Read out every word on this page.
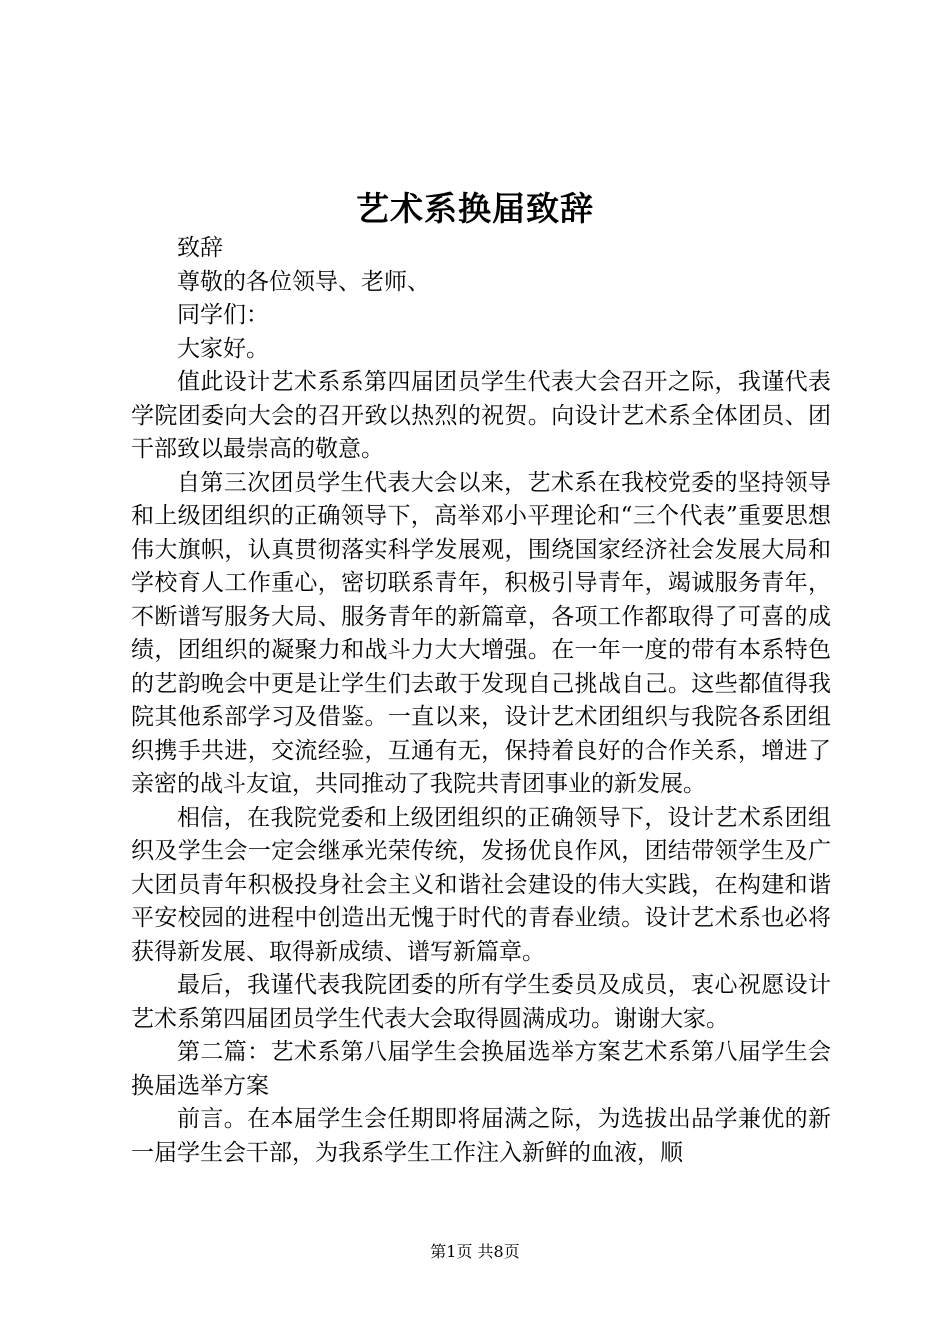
艺术系换届致辞

致辞

尊敬的各位领导、老师、

同学们：

大家好。

值此设计艺术系系第四届团员学生代表大会召开之际，我谨代表学院团委向大会的召开致以热烈的祝贺。向设计艺术系全体团员、团干部致以最崇高的敬意。

自第三次团员学生代表大会以来，艺术系在我校党委的坚持领导和上级团组织的正确领导下，高举邓小平理论和“三个代表”重要思想伟大旗帜，认真贯彻落实科学发展观，围绕国家经济社会发展大局和学校育人工作重心，密切联系青年，积极引导青年，竭诚服务青年，不断谱写服务大局、服务青年的新篇章，各项工作都取得了可喜的成绩，团组织的凝聚力和战斗力大大增强。在一年一度的带有本系特色的艺韵晚会中更是让学生们去敢于发现自己挑战自己。这些都值得我院其他系部学习及借鉴。一直以来，设计艺术团组织与我院各系团组织携手共进，交流经验，互通有无，保持着良好的合作关系，增进了亲密的战斗友谊，共同推动了我院共青团事业的新发展。

相信，在我院党委和上级团组织的正确领导下，设计艺术系团组织及学生会一定会继承光荣传统，发扬优良作风，团结带领学生及广大团员青年积极投身社会主义和谐社会建设的伟大实践，在构建和谐平安校园的进程中创造出无愧于时代的青春业绩。设计艺术系也必将获得新发展、取得新成绩、谱写新篇章。

最后，我谨代表我院团委的所有学生委员及成员，衷心祝愿设计艺术系第四届团员学生代表大会取得圆满成功。谢谢大家。

第二篇：艺术系第八届学生会换届选举方案艺术系第八届学生会换届选举方案

前言。在本届学生会任期即将届满之际，为选拔出品学兼优的新一届学生会干部，为我系学生工作注入新鲜的血液，顺

第1页 共8页
